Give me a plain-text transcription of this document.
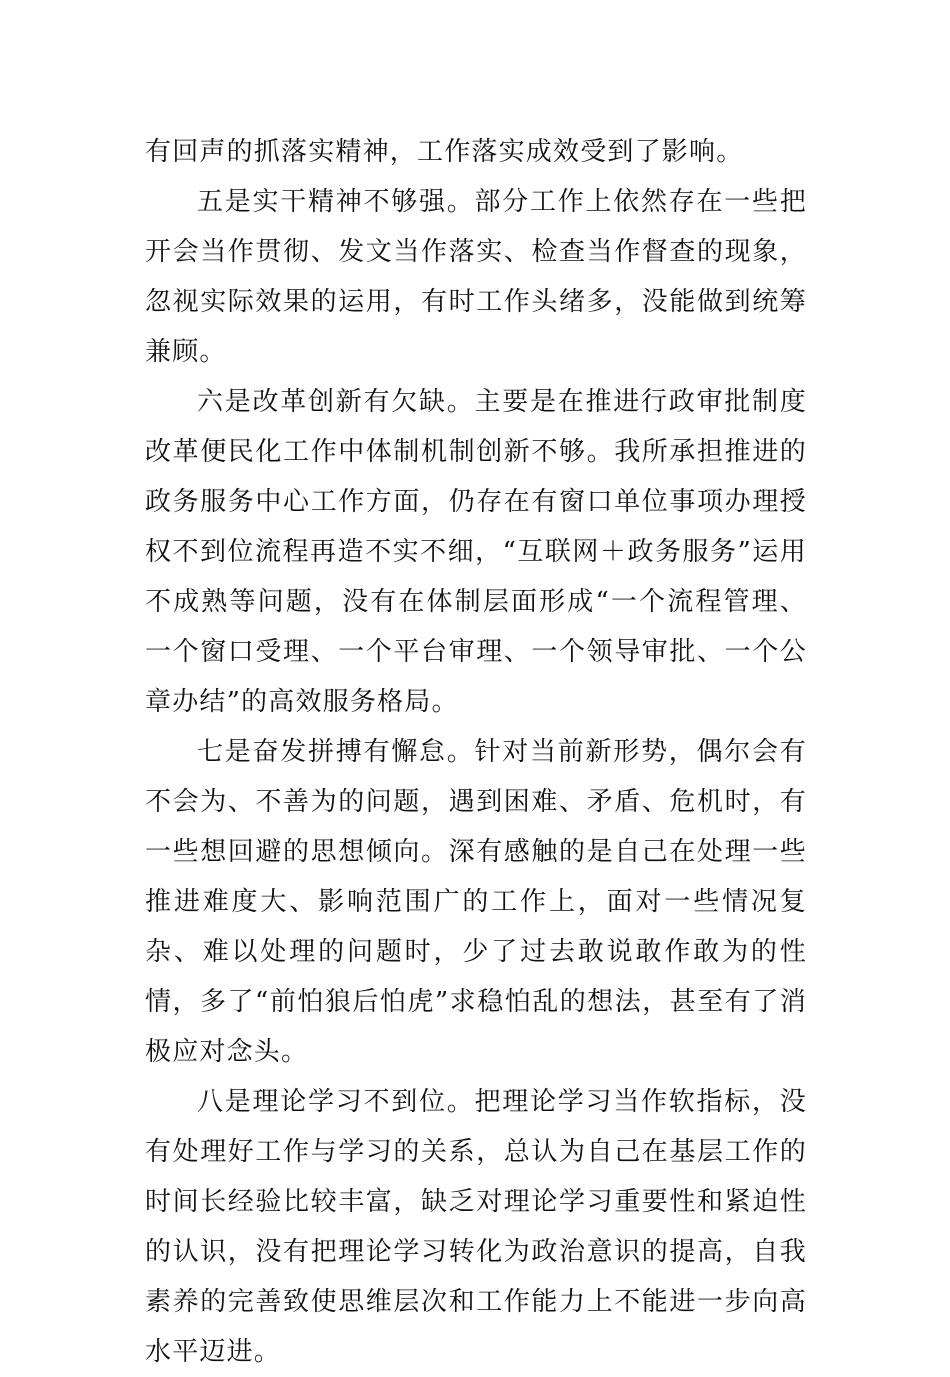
有回声的抓落实精神，工作落实成效受到了影响。

五是实干精神不够强。部分工作上依然存在一些把开会当作贯彻、发文当作落实、检查当作督查的现象，忽视实际效果的运用，有时工作头绪多，没能做到统筹兼顾。

六是改革创新有欠缺。主要是在推进行政审批制度改革便民化工作中体制机制创新不够。我所承担推进的政务服务中心工作方面，仍存在有窗口单位事项办理授权不到位流程再造不实不细，“互联网＋政务服务”运用不成熟等问题，没有在体制层面形成“一个流程管理、一个窗口受理、一个平台审理、一个领导审批、一个公章办结”的高效服务格局。

七是奋发拼搏有懈怠。针对当前新形势，偶尔会有不会为、不善为的问题，遇到困难、矛盾、危机时，有一些想回避的思想倾向。深有感触的是自己在处理一些推进难度大、影响范围广的工作上，面对一些情况复杂、难以处理的问题时，少了过去敢说敢作敢为的性情，多了“前怕狼后怕虎”求稳怕乱的想法，甚至有了消极应对念头。

八是理论学习不到位。把理论学习当作软指标，没有处理好工作与学习的关系，总认为自己在基层工作的时间长经验比较丰富，缺乏对理论学习重要性和紧迫性的认识，没有把理论学习转化为政治意识的提高，自我素养的完善致使思维层次和工作能力上不能进一步向高水平迈进。
